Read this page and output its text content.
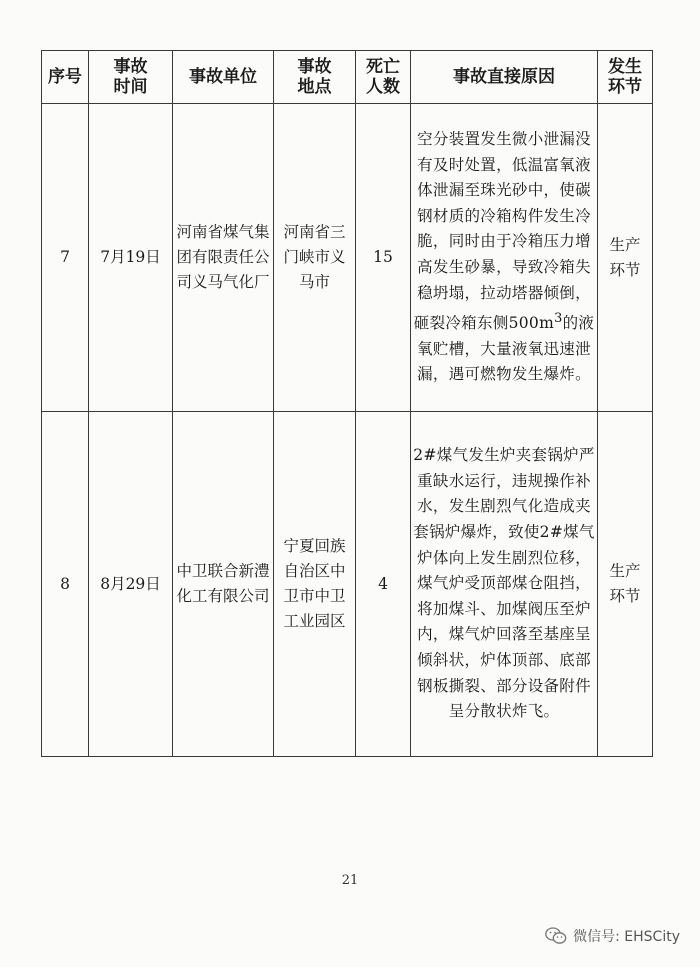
序号	事故时间	事故单位	事故地点	死亡人数	事故直接原因	发生环节
7	7月19日	河南省煤气集团有限责任公司义马气化厂	河南省三门峡市义马市	15	空分装置发生微小泄漏没有及时处置，低温富氧液体泄漏至珠光砂中，使碳钢材质的冷箱构件发生冷脆，同时由于冷箱压力增高发生砂暴，导致冷箱失稳坍塌，拉动塔器倾倒，砸裂冷箱东侧$500m^3$的液氧贮槽，大量液氧迅速泄漏，遇可燃物发生爆炸。	生产环节
8	8月29日	中卫联合新澧化工有限公司	宁夏回族自治区中卫市中卫工业园区	4	2#煤气发生炉夹套锅炉严重缺水运行，违规操作补水，发生剧烈气化造成夹套锅炉爆炸，致使2#煤气炉体向上发生剧烈位移，煤气炉受顶部煤仓阻挡，将加煤斗、加煤阀压至炉内，煤气炉回落至基座呈倾斜状，炉体顶部、底部钢板撕裂、部分设备附件呈分散状炸飞。	生产环节
21
微信号: EHSCity
